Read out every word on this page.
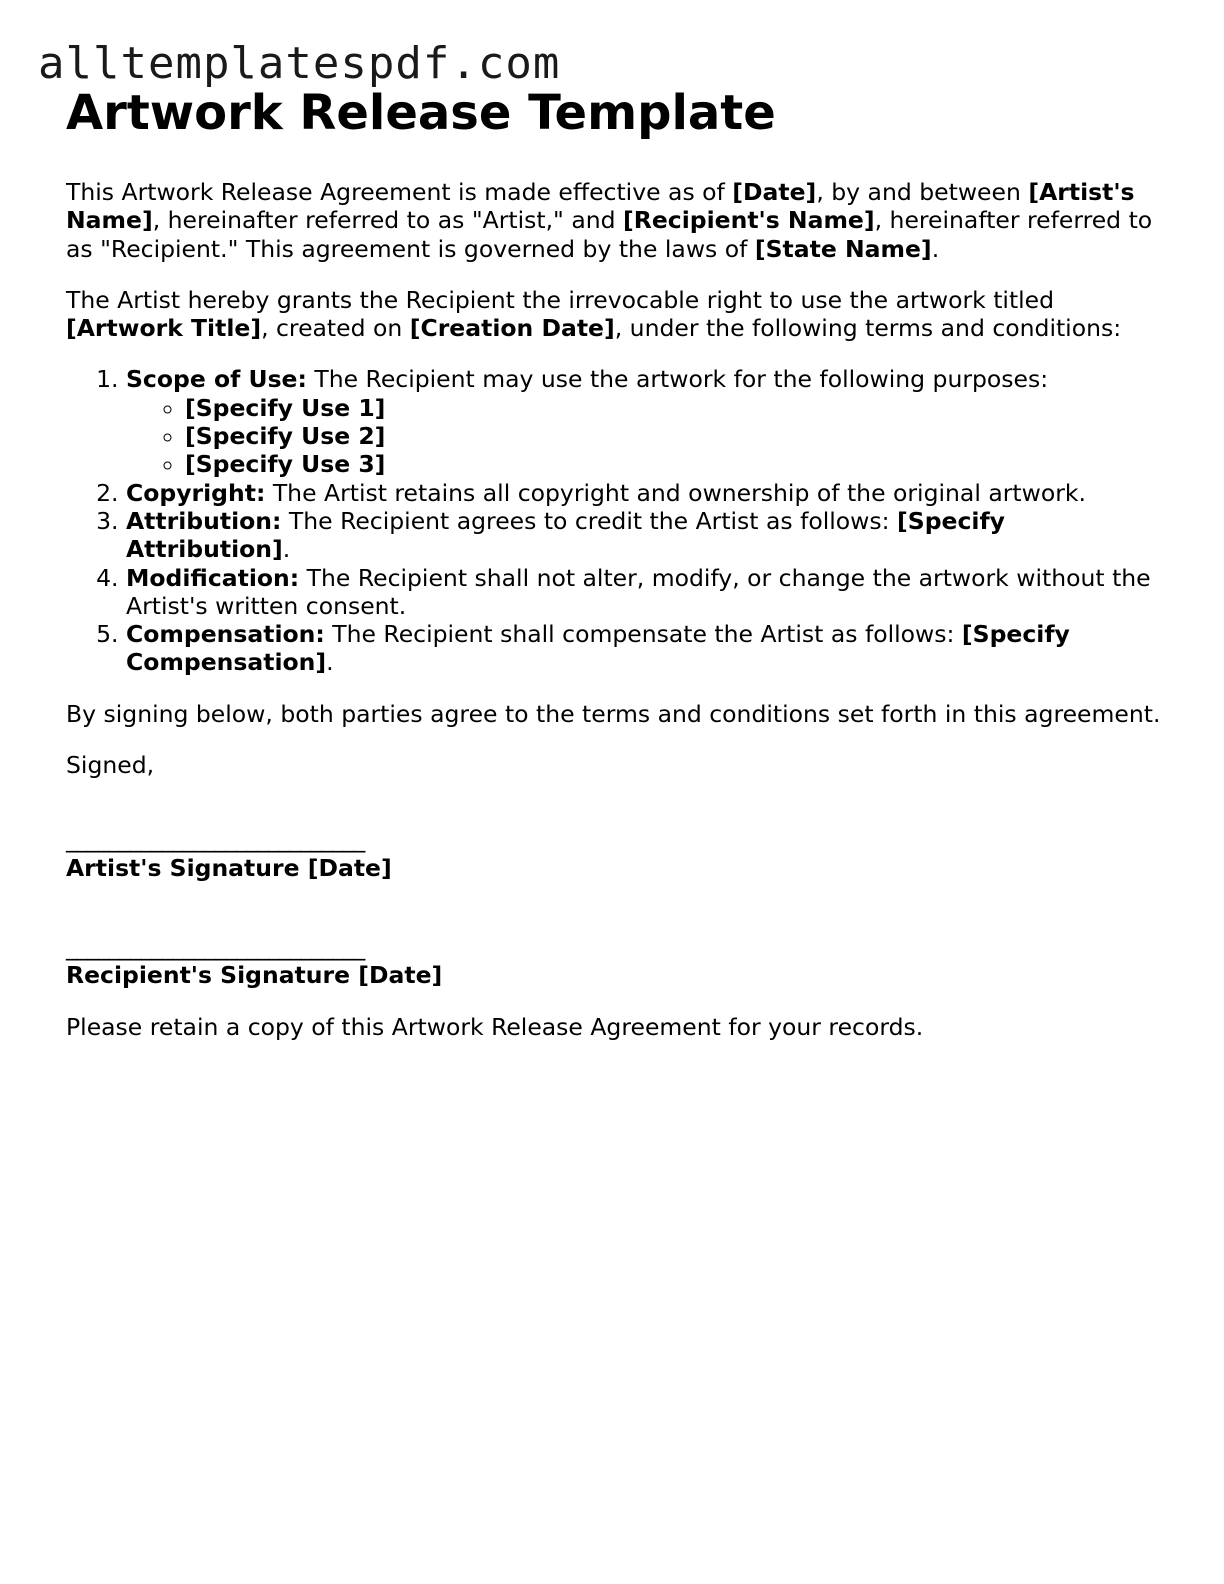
alltemplatespdf.com
Artwork Release Template

This Artwork Release Agreement is made effective as of [Date], by and between [Artist's Name], hereinafter referred to as "Artist," and [Recipient's Name], hereinafter referred to as "Recipient." This agreement is governed by the laws of [State Name].

The Artist hereby grants the Recipient the irrevocable right to use the artwork titled [Artwork Title], created on [Creation Date], under the following terms and conditions:

1. Scope of Use: The Recipient may use the artwork for the following purposes:
◦ [Specify Use 1]
◦ [Specify Use 2]
◦ [Specify Use 3]
2. Copyright: The Artist retains all copyright and ownership of the original artwork.
3. Attribution: The Recipient agrees to credit the Artist as follows: [Specify Attribution].
4. Modification: The Recipient shall not alter, modify, or change the artwork without the Artist's written consent.
5. Compensation: The Recipient shall compensate the Artist as follows: [Specify Compensation].

By signing below, both parties agree to the terms and conditions set forth in this agreement.

Signed,

____________________________
Artist's Signature [Date]
____________________________
Recipient's Signature [Date]

Please retain a copy of this Artwork Release Agreement for your records.
